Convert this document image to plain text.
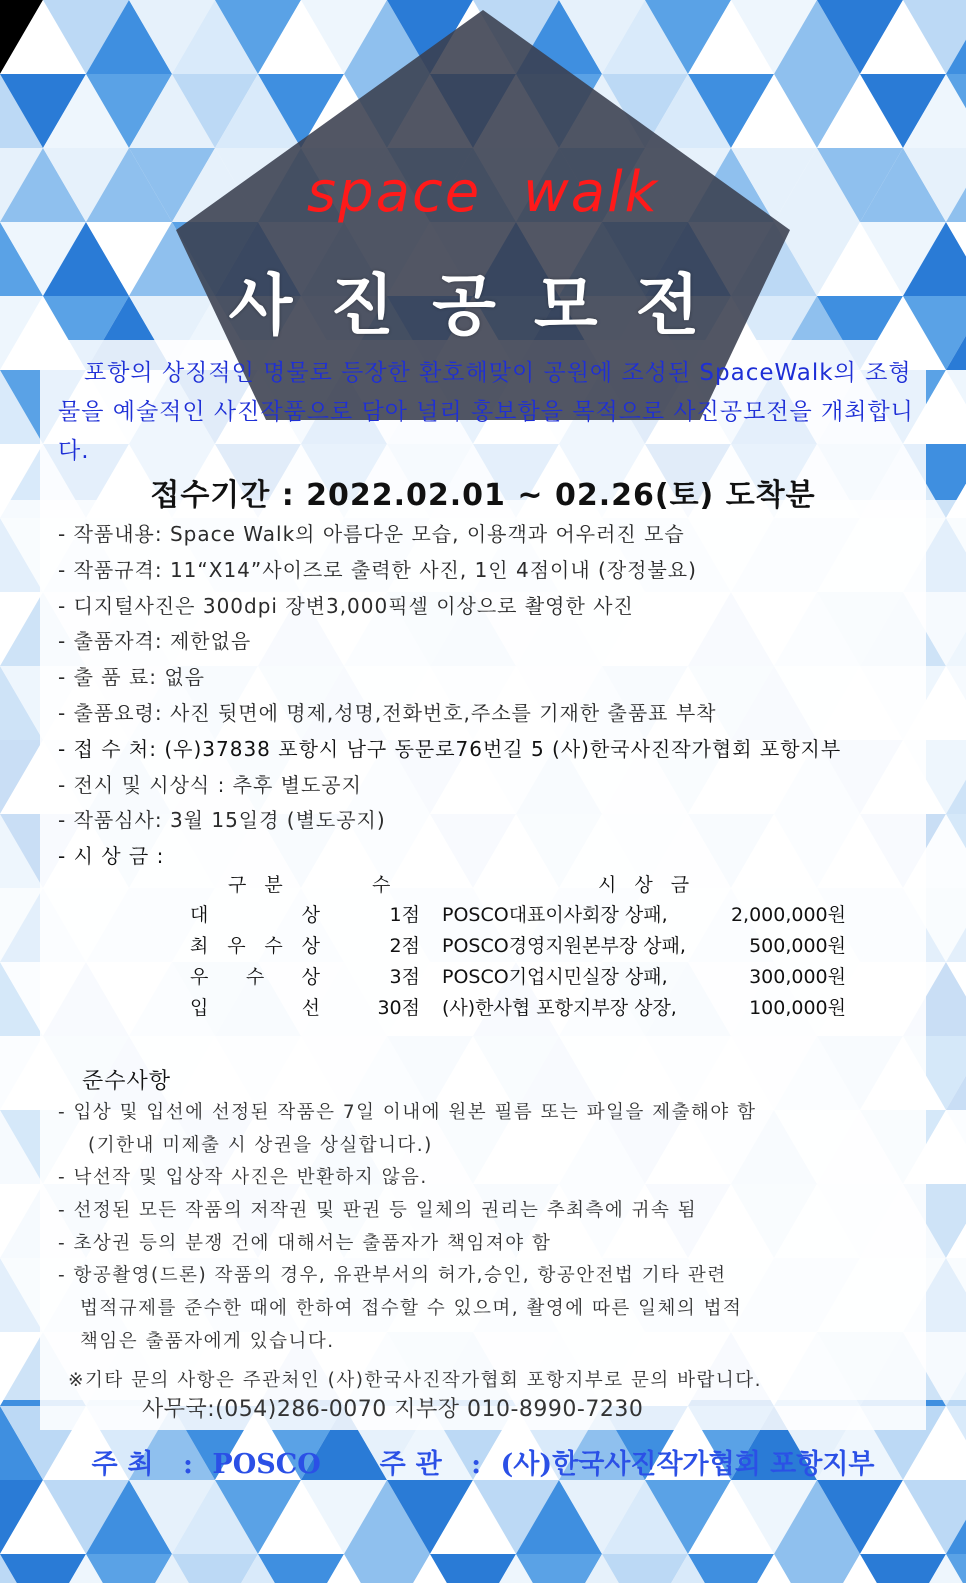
space walk
사진공모전
포항의 상징적인 명물로 등장한 환호해맞이 공원에 조성된 SpaceWalk의 조형물을 예술적인 사진작품으로 담아 널리 홍보함을 목적으로 사진공모전을 개최합니다.
접수기간 : 2022.02.01 ~ 02.26(토) 도착분
- 작품내용: Space Walk의 아름다운 모습, 이용객과 어우러진 모습
- 작품규격: 11“X14”사이즈로 출력한 사진, 1인 4점이내 (장정불요)
- 디지털사진은 300dpi 장변3,000픽셀 이상으로 촬영한 사진
- 출품자격: 제한없음
- 출 품 료: 없음
- 출품요령: 사진 뒷면에 명제,성명,전화번호,주소를 기재한 출품표 부착
- 접 수 처: (우)37838 포항시 남구 동문로76번길 5 (사)한국사진작가협회 포항지부
- 전시 및 시상식 : 추후 별도공지
- 작품심사: 3월 15일경 (별도공지)
- 시 상 금 :
구분	수	시상금
대	상	1점 POSCO대표이사회장 상패,	2,000,000원
최 우 수 상	2점 POSCO경영지원본부장 상패,	500,000원
우 수 상	3점 POSCO기업시민실장 상패,	300,000원
입	선	30점 (사)한사협 포항지부장 상장,	100,000원
준수사항
- 입상 및 입선에 선정된 작품은 7일 이내에 원본 필름 또는 파일을 제출해야 함
(기한내 미제출 시 상권을 상실합니다.)
- 낙선작 및 입상작 사진은 반환하지 않음.
- 선정된 모든 작품의 저작권 및 판권 등 일체의 권리는 추최측에 귀속 됨
- 초상권 등의 분쟁 건에 대해서는 출품자가 책임져야 함
- 항공촬영(드론) 작품의 경우, 유관부서의 허가,승인, 항공안전법 기타 관련
법적규제를 준수한 때에 한하여 접수할 수 있으며, 촬영에 따른 일체의 법적
책임은 출품자에게 있습니다.
※기타 문의 사항은 주관처인 (사)한국사진작가협회 포항지부로 문의 바랍니다.
사무국:(054)286-0070 지부장 010-8990-7230
주최 : POSCO 주관 : (사)한국사진작가협회 포항지부
